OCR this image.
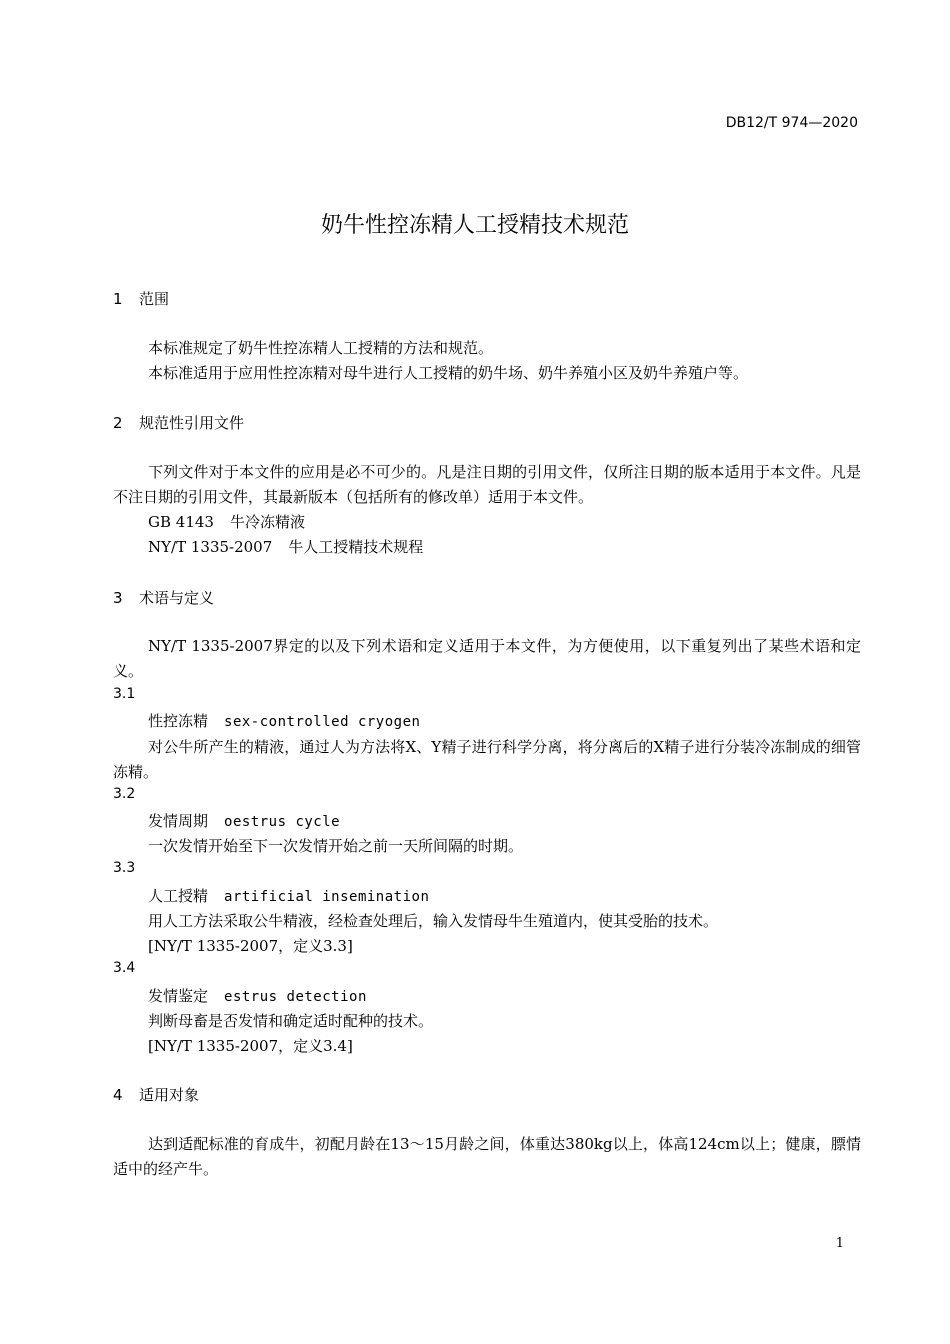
DB12/T 974—2020
奶牛性控冻精人工授精技术规范
1 范围
本标准规定了奶牛性控冻精人工授精的方法和规范。
本标准适用于应用性控冻精对母牛进行人工授精的奶牛场、奶牛养殖小区及奶牛养殖户等。
2 规范性引用文件
下列文件对于本文件的应用是必不可少的。凡是注日期的引用文件，仅所注日期的版本适用于本文件。凡是不注日期的引用文件，其最新版本（包括所有的修改单）适用于本文件。
GB 4143 牛冷冻精液
NY/T 1335-2007 牛人工授精技术规程
3 术语与定义
NY/T 1335-2007界定的以及下列术语和定义适用于本文件，为方便使用，以下重复列出了某些术语和定义。
3.1
性控冻精 sex-controlled cryogen
对公牛所产生的精液，通过人为方法将X、Y精子进行科学分离，将分离后的X精子进行分装冷冻制成的细管冻精。
3.2
发情周期 oestrus cycle
一次发情开始至下一次发情开始之前一天所间隔的时期。
3.3
人工授精 artificial insemination
用人工方法采取公牛精液，经检查处理后，输入发情母牛生殖道内，使其受胎的技术。
[NY/T 1335-2007，定义3.3]
3.4
发情鉴定 estrus detection
判断母畜是否发情和确定适时配种的技术。
[NY/T 1335-2007，定义3.4]
4 适用对象
达到适配标准的育成牛，初配月龄在13～15月龄之间，体重达380kg以上，体高124cm以上；健康，膘情适中的经产牛。
1
